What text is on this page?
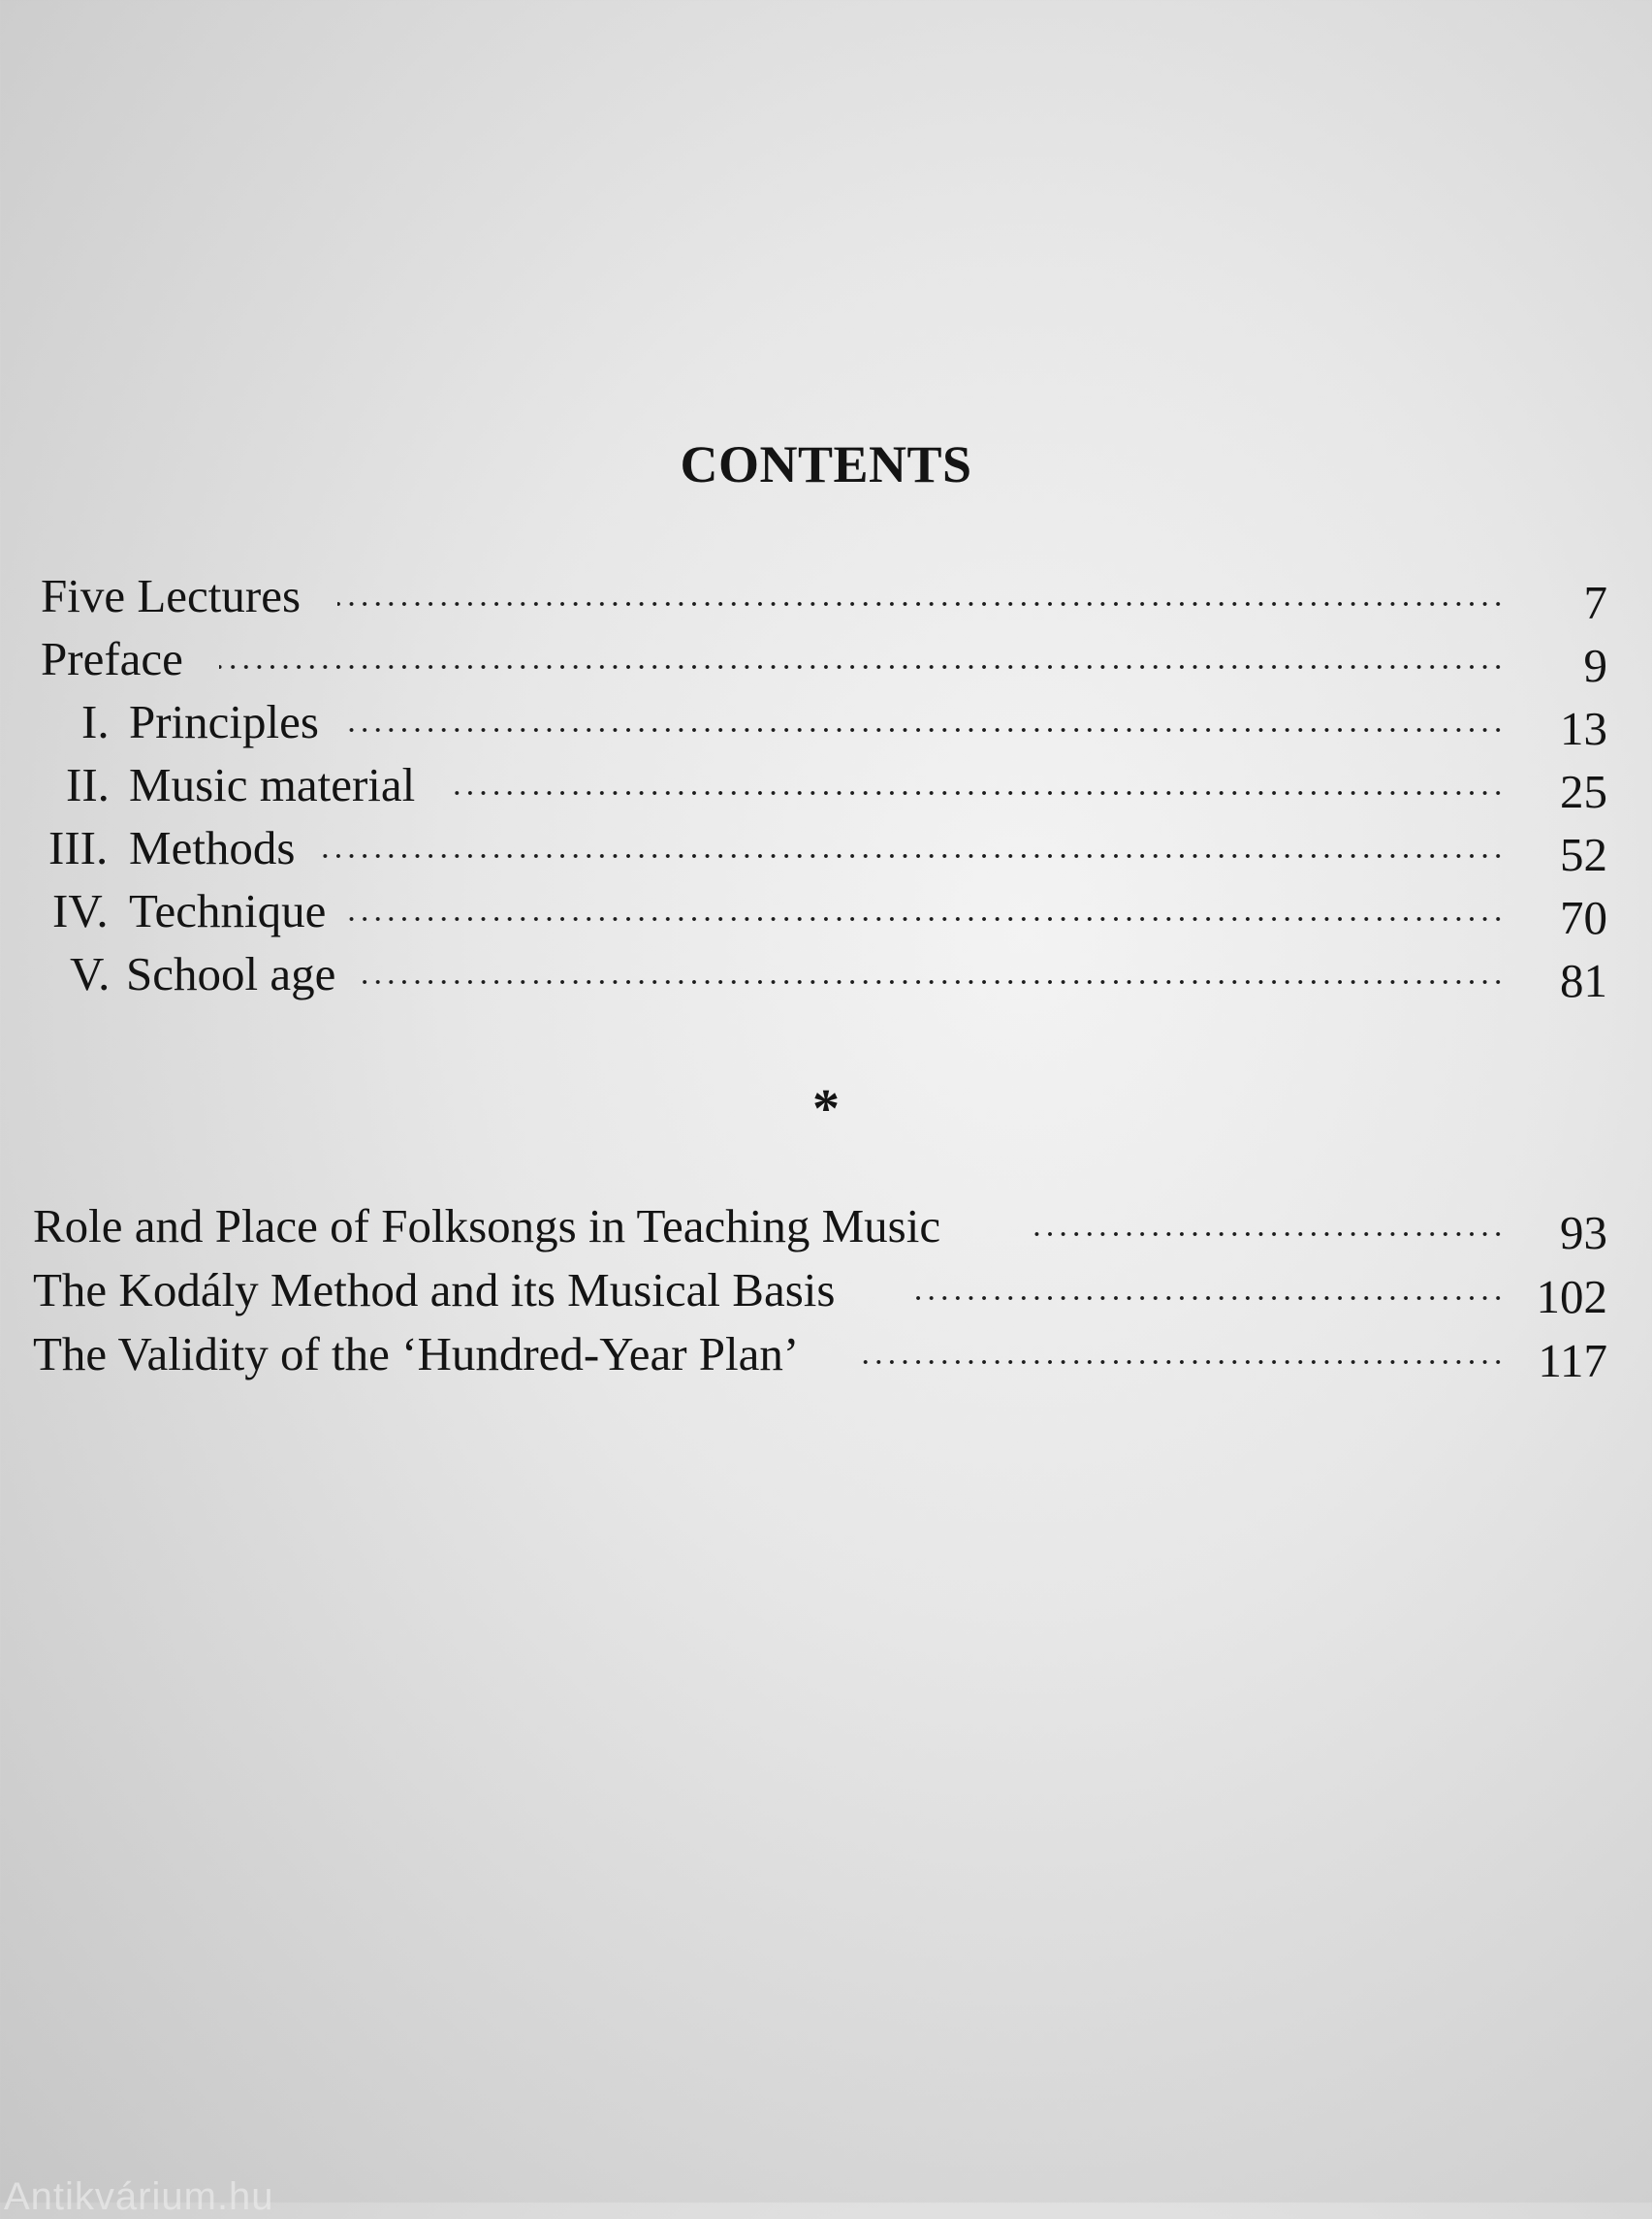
CONTENTS
Five Lectures	7
Preface	9
I. Principles	13
II. Music material	25
III. Methods	52
IV. Technique	70
V. School age	81
*
Role and Place of Folksongs in Teaching Music	93
The Kodály Method and its Musical Basis	102
The Validity of the ‘Hundred-Year Plan’	117
Antikvárium.hu
